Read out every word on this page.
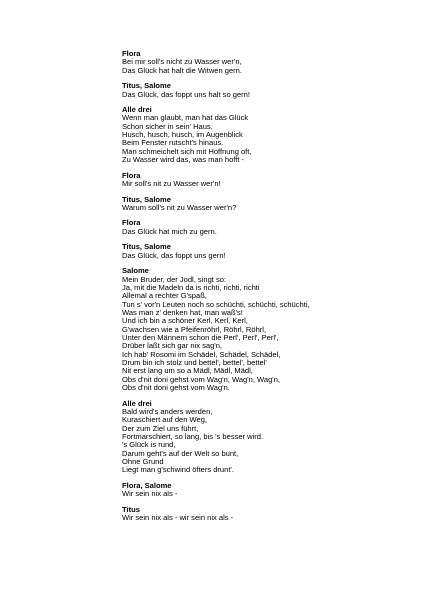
Flora
Bei mir soll's nicht zu Wasser wer'n,
Das Glück hat halt die Witwen gern.
Titus, Salome
Das Glück, das foppt uns halt so gern!
Alle drei
Wenn man glaubt, man hat das Glück
Schon sicher in sein' Haus,
Husch, husch, husch, im Augenblick
Beim Fenster rutscht's hinaus.
Man schmeichelt sich mit Hoffnung oft,
Zu Wasser wird das, was man hofft -
Flora
Mir soll's nit zu Wasser wer'n!
Titus, Salome
Warum soll's nit zu Wasser wer'n?
Flora
Das Glück hat mich zu gern.
Titus, Salome
Das Glück, das foppt uns gern!
Salome
Mein Bruder, der Jodl, singt so:
Ja, mit die Madeln da is richti, richti, richti
Allemal a rechter G'spaß,
Tun s' vor'n Leuten noch so schüchti, schüchti, schüchti,
Was man z' denken hat, man waß's!
Und ich bin a schöner Kerl, Kerl, Kerl,
G'wachsen wie a Pfeifenröhrl, Röhrl, Röhrl,
Unter den Männern schon die Perl', Perl', Perl',
Drüber laßt sich gar nix sag'n,
Ich hab' Rosomi im Schädel, Schädel, Schädel,
Drum bin ich stolz und bettel', bettel', bettel'
Nit erst lang um so a Mädl, Mädl, Mädl,
Obs d'nit doni gehst vom Wag'n, Wag'n, Wag'n,
Obs d'nit doni gehst vom Wag'n.
Alle drei
Bald wird's anders werden,
Kuraschiert auf den Weg,
Der zum Ziel uns führt,
Fortmarschiert, so lang, bis 's besser wird.
's Glück is rund,
Darum geht's auf der Welt so bunt,
Ohne Grund
Liegt man g'schwind öfters drunt'.
Flora, Salome
Wir sein nix als -
Titus
Wir sein nix als - wir sein nix als -
